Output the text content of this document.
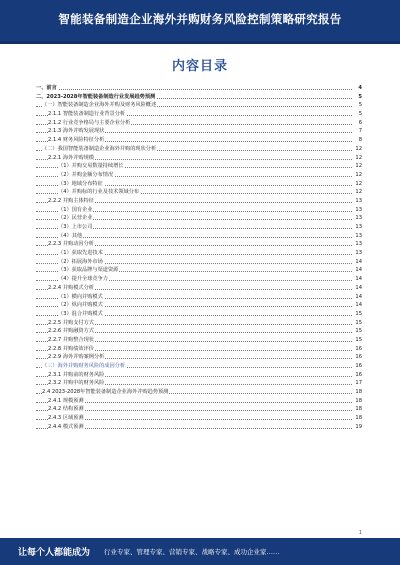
智能装备制造企业海外并购财务风险控制策略研究报告
内容目录
一、前言	4
二、2023-2028年智能装备制造行业发展趋势预测	5
（一）智能装备制造企业海外并购及财务风险概述	5
2.1.1 智能装备制造行业背景分析	5
2.1.2 行业竞争格局与主要企业分析	6
2.1.3 海外并购发展现状	7
2.1.4 财务风险特征分析	8
（二）我国智能装备制造企业海外并购的现状分析	12
2.2.1 海外并购规模	12
（1）并购交易数量持续增长	12
（2）并购金额分布情况	12
（3）地域分布特征	12
（4）并购标的行业及技术领域分布	12
2.2.2 并购主体特征	13
（1）国有企业	13
（2）民营企业	13
（3）上市公司	13
（4）其他	13
2.2.3 并购动因分析	13
（1）获取先进技术	13
（2）拓展海外市场	14
（3）获取品牌与渠道资源	14
（4）提升全球竞争力	14
2.2.4 并购模式分析	14
（1）横向并购模式	14
（2）纵向并购模式	14
（3）混合并购模式	15
2.2.5 并购支付方式	15
2.2.6 并购融资方式	15
2.2.7 并购整合现状	15
2.2.8 并购绩效评价	16
2.2.9 海外并购案例分析	16
（三）海外并购财务风险的成因分析	16
2.3.1 并购前的财务风险	16
2.3.2 并购中的财务风险	17
2.4 2023-2028年智能装备制造企业海外并购趋势预测	18
2.4.1 规模预测	18
2.4.2 结构预测	18
2.4.3 区域预测	18
2.4.4 模式预测	19
1
让每个人都能成为 行业专家、管理专家、营销专家、战略专家、成功企业家……
